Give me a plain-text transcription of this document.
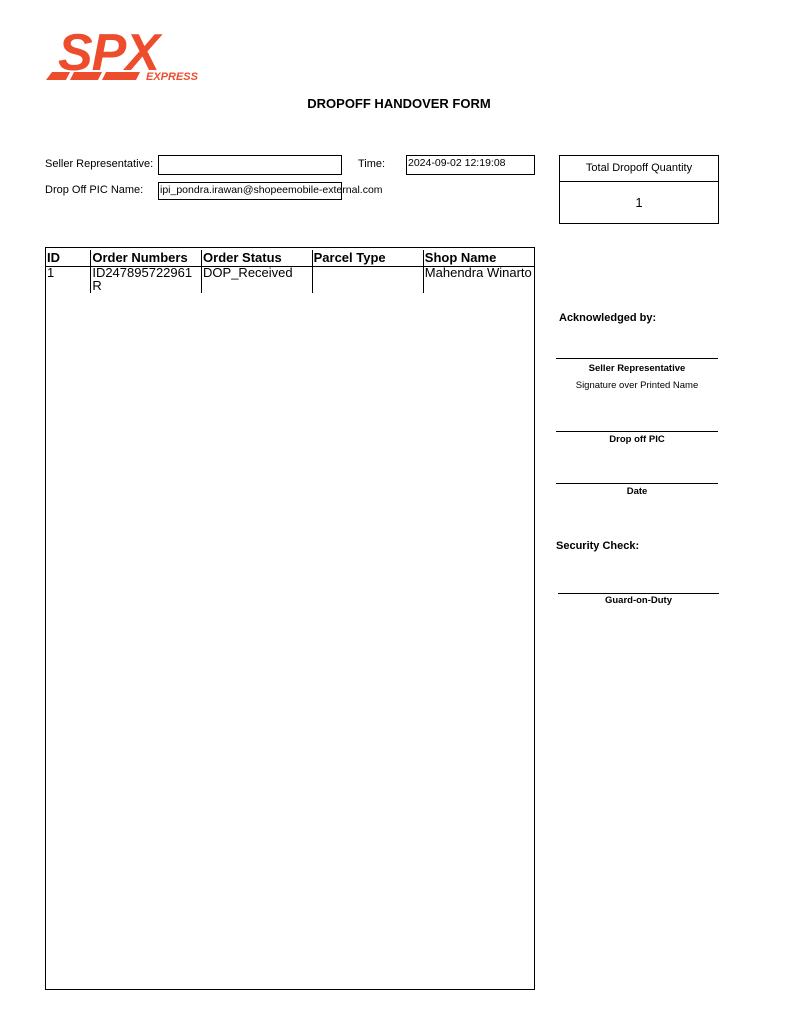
SPX
EXPRESS
DROPOFF HANDOVER FORM
Seller Representative:	Time: 2024-09-02 12:19:08
Drop Off PIC Name: ipi_pondra.irawan@shopeemobile-external.com
Total Dropoff Quantity
1
ID	Order Numbers	Order Status	Parcel Type	Shop Name
1	ID247895722961R	DOP_Received		Mahendra Winarto
Acknowledged by:
Seller Representative
Signature over Printed Name
Drop off PIC
Date
Security Check:
Guard-on-Duty
